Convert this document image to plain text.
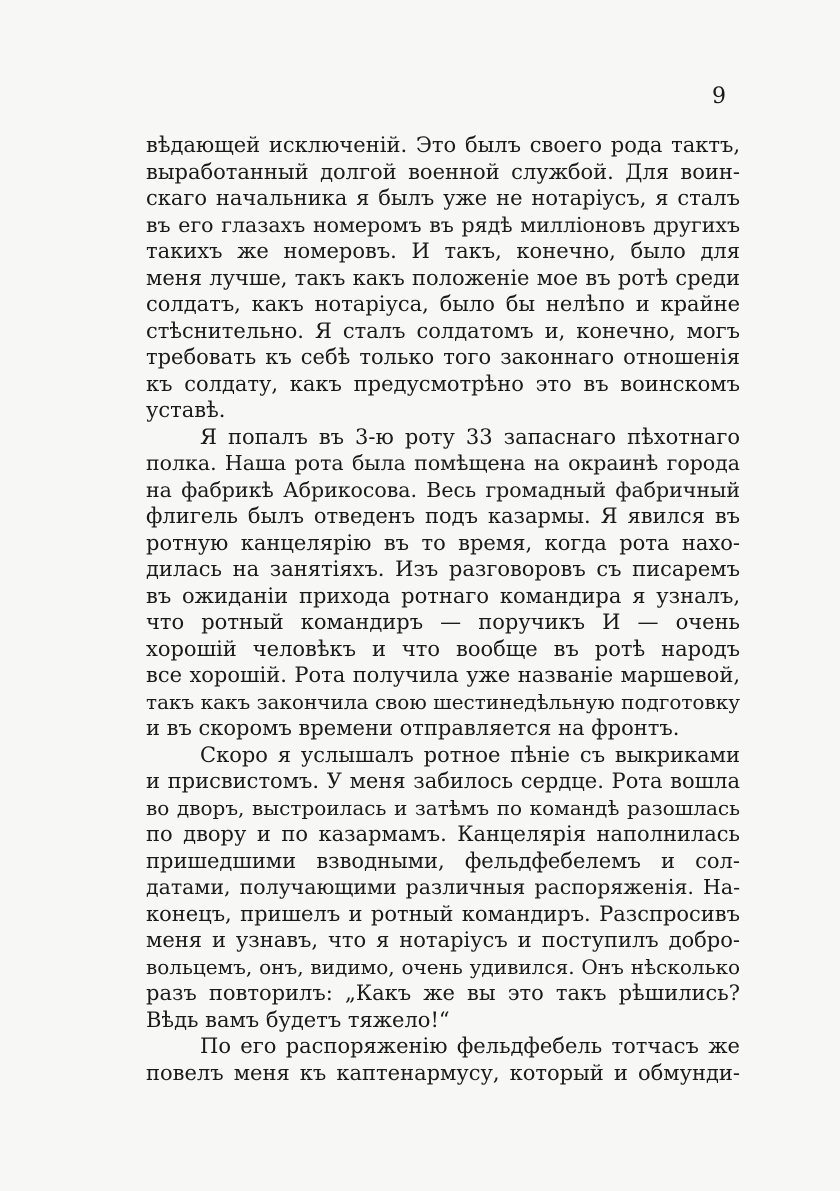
9
вѣдающей исключенiй. Это былъ своего рода тактъ,
выработанный долгой военной службой. Для воин-
скаго начальника я былъ уже не нотарiусъ, я сталъ
въ его глазахъ номеромъ въ рядѣ миллiоновъ другихъ
такихъ же номеровъ. И такъ, конечно, было для
меня лучше, такъ какъ положенiе мое въ ротѣ среди
солдатъ, какъ нотарiуса, было бы нелѣпо и крайне
стѣснительно. Я сталъ солдатомъ и, конечно, могъ
требовать къ себѣ только того законнаго отношенiя
къ солдату, какъ предусмотрѣно это въ воинскомъ
уставѣ.
Я попалъ въ 3-ю роту 33 запаснаго пѣхотнаго
полка. Наша рота была помѣщена на окраинѣ города
на фабрикѣ Абрикосова. Весь громадный фабричный
флигель былъ отведенъ подъ казармы. Я явился въ
ротную канцелярiю въ то время, когда рота нахо-
дилась на занятiяхъ. Изъ разговоровъ съ писаремъ
въ ожиданiи прихода ротнаго командира я узналъ,
что ротный командиръ — поручикъ И — очень
хорошiй человѣкъ и что вообще въ ротѣ народъ
все хорошiй. Рота получила уже названiе маршевой,
такъ какъ закончила свою шестинедѣльную подготовку
и въ скоромъ времени отправляется на фронтъ.
Скоро я услышалъ ротное пѣнiе съ выкриками
и присвистомъ. У меня забилось сердце. Рота вошла
во дворъ, выстроилась и затѣмъ по командѣ разошлась
по двору и по казармамъ. Канцелярiя наполнилась
пришедшими взводными, фельдфебелемъ и сол-
датами, получающими различныя распоряженiя. На-
конецъ, пришелъ и ротный командиръ. Разспросивъ
меня и узнавъ, что я нотарiусъ и поступилъ добро-
вольцемъ, онъ, видимо, очень удивился. Онъ нѣсколько
разъ повторилъ: „Какъ же вы это такъ рѣшились?
Вѣдь вамъ будетъ тяжело!“
По его распоряженiю фельдфебель тотчасъ же
повелъ меня къ каптенармусу, который и обмунди-
